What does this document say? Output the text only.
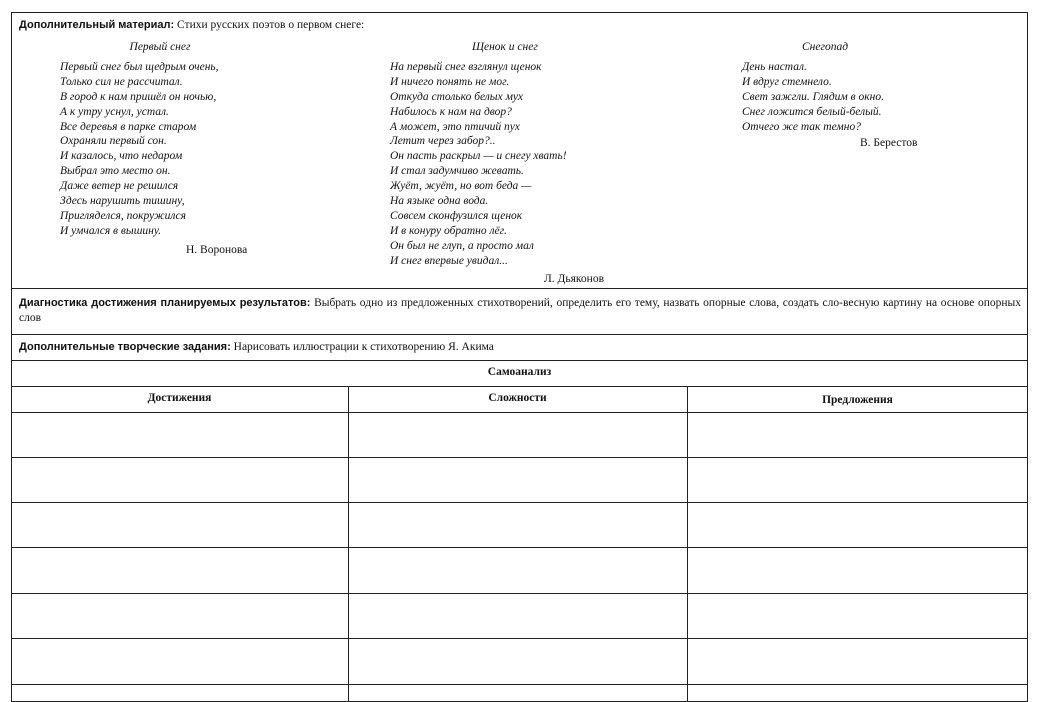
Дополнительный материал: Стихи русских поэтов о первом снеге:
Первый снег
Первый снег был щедрым очень,
Только сил не рассчитал.
В город к нам пришёл он ночью,
А к утру уснул, устал.
Все деревья в парке старом
Охраняли первый сон.
И казалось, что недаром
Выбрал это место он.
Даже ветер не решился
Здесь нарушить тишину,
Пригляделся, покружился
И умчался в вышину.
Н. Воронова
Щенок и снег
На первый снег взглянул щенок
И ничего понять не мог.
Откуда столько белых мух
Набилось к нам на двор?
А может, это птичий пух
Летит через забор?..
Он пасть раскрыл — и снегу хвать!
И стал задумчиво жевать.
Жуёт, жуёт, но вот беда —
На языке одна вода.
Совсем сконфузился щенок
И в конуру обратно лёг.
Он был не глуп, а просто мал
И снег впервые увидал...
Л. Дьяконов
Снегопад
День настал.
И вдруг стемнело.
Свет зажгли. Глядим в окно.
Снег ложится белый-белый.
Отчего же так темно?
В. Берестов
Диагностика достижения планируемых результатов: Выбрать одно из предложенных стихотворений, определить его тему, назвать опорные слова, создать сло-весную картину на основе опорных слов
Дополнительные творческие задания: Нарисовать иллюстрации к стихотворению Я. Акима
Самоанализ
Достижения	Сложности	Предложения
